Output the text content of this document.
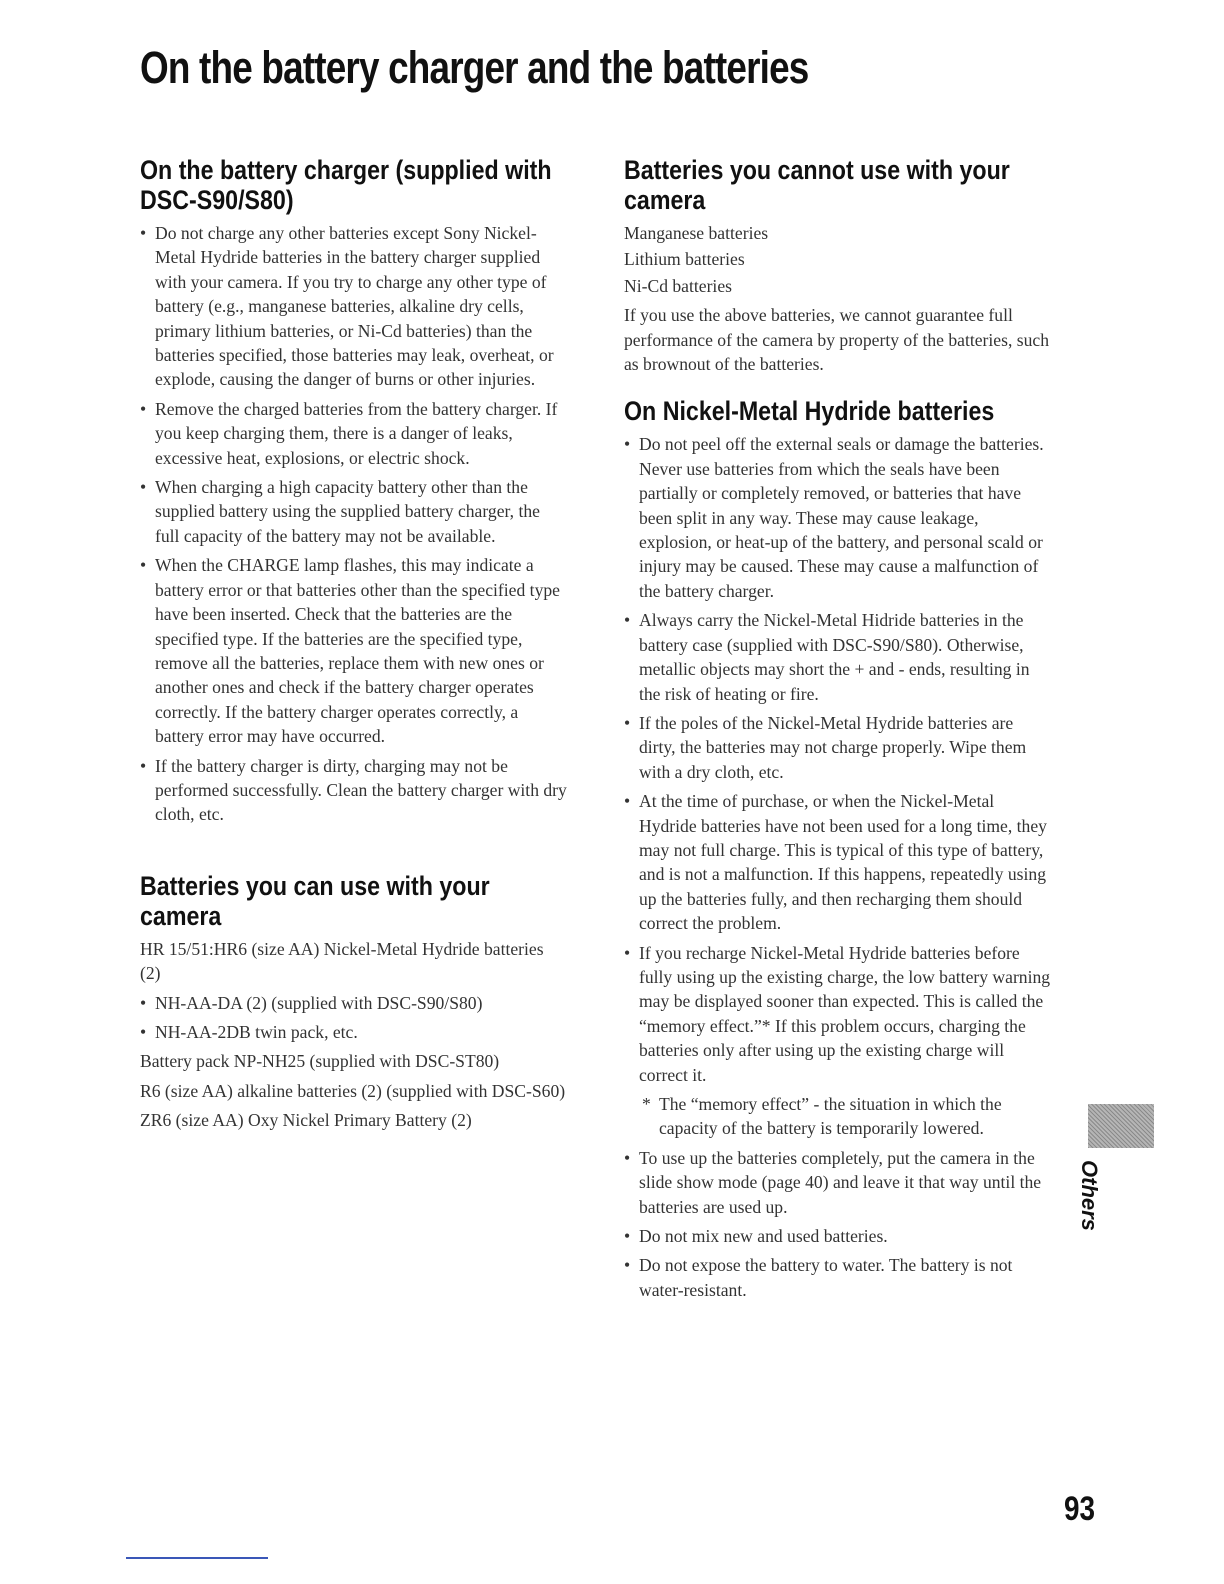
On the battery charger and the batteries
On the battery charger (supplied with DSC-S90/S80)
• Do not charge any other batteries except Sony Nickel-Metal Hydride batteries in the battery charger supplied with your camera. If you try to charge any other type of battery (e.g., manganese batteries, alkaline dry cells, primary lithium batteries, or Ni-Cd batteries) than the batteries specified, those batteries may leak, overheat, or explode, causing the danger of burns or other injuries.
• Remove the charged batteries from the battery charger. If you keep charging them, there is a danger of leaks, excessive heat, explosions, or electric shock.
• When charging a high capacity battery other than the supplied battery using the supplied battery charger, the full capacity of the battery may not be available.
• When the CHARGE lamp flashes, this may indicate a battery error or that batteries other than the specified type have been inserted. Check that the batteries are the specified type. If the batteries are the specified type, remove all the batteries, replace them with new ones or another ones and check if the battery charger operates correctly. If the battery charger operates correctly, a battery error may have occurred.
• If the battery charger is dirty, charging may not be performed successfully. Clean the battery charger with dry cloth, etc.
Batteries you can use with your camera

HR 15/51:HR6 (size AA) Nickel-Metal Hydride batteries (2)

• NH-AA-DA (2) (supplied with DSC-S90/S80)
• NH-AA-2DB twin pack, etc.

Battery pack NP-NH25 (supplied with DSC-ST80)

R6 (size AA) alkaline batteries (2) (supplied with DSC-S60)

ZR6 (size AA) Oxy Nickel Primary Battery (2)

Batteries you cannot use with your camera

Manganese batteries

Lithium batteries

Ni-Cd batteries

If you use the above batteries, we cannot guarantee full performance of the camera by property of the batteries, such as brownout of the batteries.

On Nickel-Metal Hydride batteries
• Do not peel off the external seals or damage the batteries. Never use batteries from which the seals have been partially or completely removed, or batteries that have been split in any way. These may cause leakage, explosion, or heat-up of the battery, and personal scald or injury may be caused. These may cause a malfunction of the battery charger.
• Always carry the Nickel-Metal Hidride batteries in the battery case (supplied with DSC-S90/S80). Otherwise, metallic objects may short the + and - ends, resulting in the risk of heating or fire.
• If the poles of the Nickel-Metal Hydride batteries are dirty, the batteries may not charge properly. Wipe them with a dry cloth, etc.
• At the time of purchase, or when the Nickel-Metal Hydride batteries have not been used for a long time, they may not full charge. This is typical of this type of battery, and is not a malfunction. If this happens, repeatedly using up the batteries fully, and then recharging them should correct the problem.
• If you recharge Nickel-Metal Hydride batteries before fully using up the existing charge, the low battery warning may be displayed sooner than expected. This is called the “memory effect.”* If this problem occurs, charging the batteries only after using up the existing charge will correct it.
* The “memory effect” - the situation in which the capacity of the battery is temporarily lowered.
• To use up the batteries completely, put the camera in the slide show mode (page 40) and leave it that way until the batteries are used up.
• Do not mix new and used batteries.
• Do not expose the battery to water. The battery is not water-resistant.
Others
93
